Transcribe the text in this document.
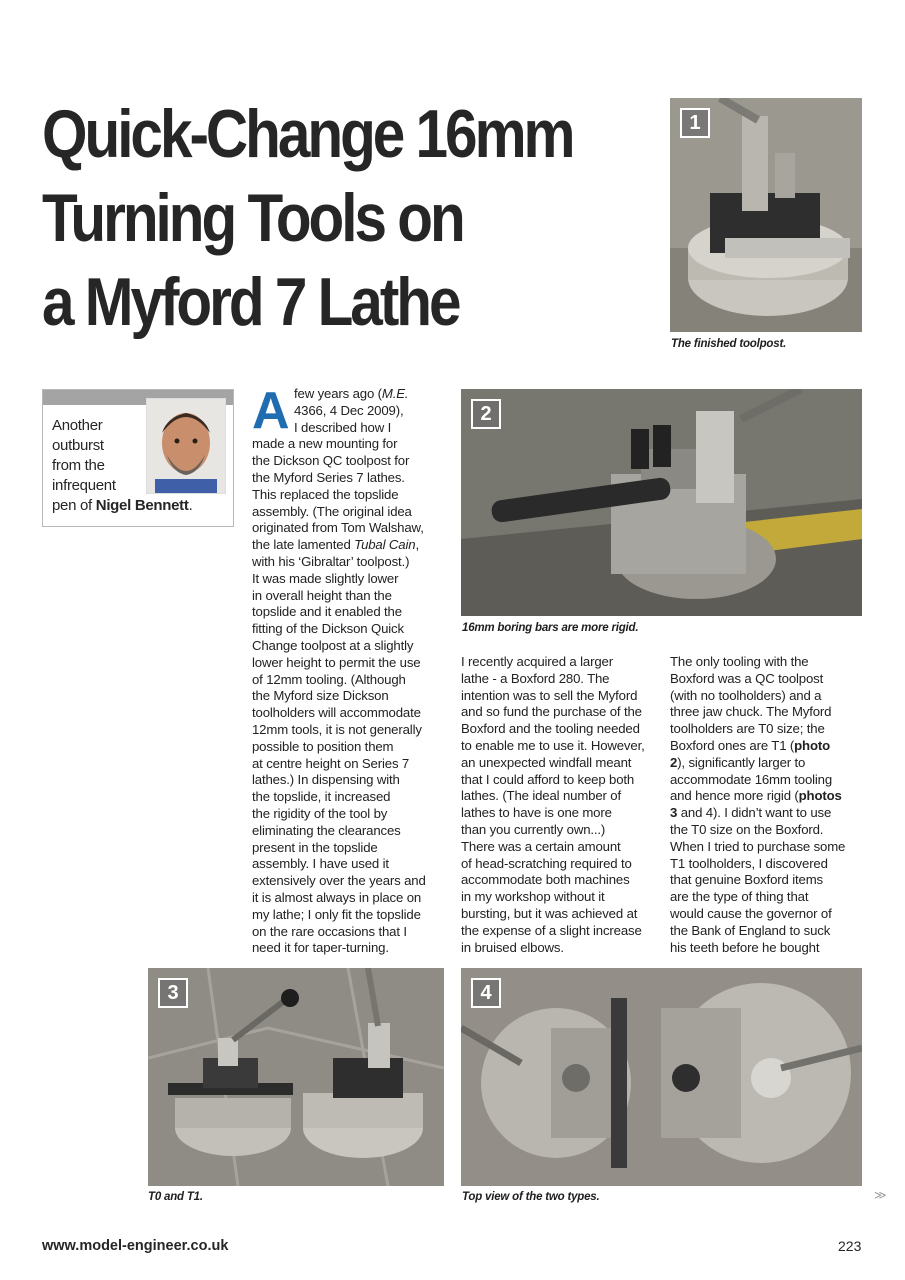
Quick-Change 16mm
Turning Tools on
a Myford 7 Lathe
1
The finished toolpost.
Another
outburst
from the
infrequent
pen of Nigel Bennett.
A few years ago (M.E.
4366, 4 Dec 2009),
I described how I
made a new mounting for
the Dickson QC toolpost for
the Myford Series 7 lathes.
This replaced the topslide
assembly. (The original idea
originated from Tom Walshaw,
the late lamented Tubal Cain,
with his ‘Gibraltar’ toolpost.)
It was made slightly lower
in overall height than the
topslide and it enabled the
fitting of the Dickson Quick
Change toolpost at a slightly
lower height to permit the use
of 12mm tooling. (Although
the Myford size Dickson
toolholders will accommodate
12mm tools, it is not generally
possible to position them
at centre height on Series 7
lathes.) In dispensing with
the topslide, it increased
the rigidity of the tool by
eliminating the clearances
present in the topslide
assembly. I have used it
extensively over the years and
it is almost always in place on
my lathe; I only fit the topslide
on the rare occasions that I
need it for taper-turning.
2
16mm boring bars are more rigid.
I recently acquired a larger
lathe - a Boxford 280. The
intention was to sell the Myford
and so fund the purchase of the
Boxford and the tooling needed
to enable me to use it. However,
an unexpected windfall meant
that I could afford to keep both
lathes. (The ideal number of
lathes to have is one more
than you currently own...)
There was a certain amount
of head-scratching required to
accommodate both machines
in my workshop without it
bursting, but it was achieved at
the expense of a slight increase
in bruised elbows.
The only tooling with the
Boxford was a QC toolpost
(with no toolholders) and a
three jaw chuck. The Myford
toolholders are T0 size; the
Boxford ones are T1 (photo
2), significantly larger to
accommodate 16mm tooling
and hence more rigid (photos
3 and 4). I didn’t want to use
the T0 size on the Boxford.
When I tried to purchase some
T1 toolholders, I discovered
that genuine Boxford items
are the type of thing that
would cause the governor of
the Bank of England to suck
his teeth before he bought
3
T0 and T1.
4
Top view of the two types.	≫
www.model-engineer.co.uk	223
